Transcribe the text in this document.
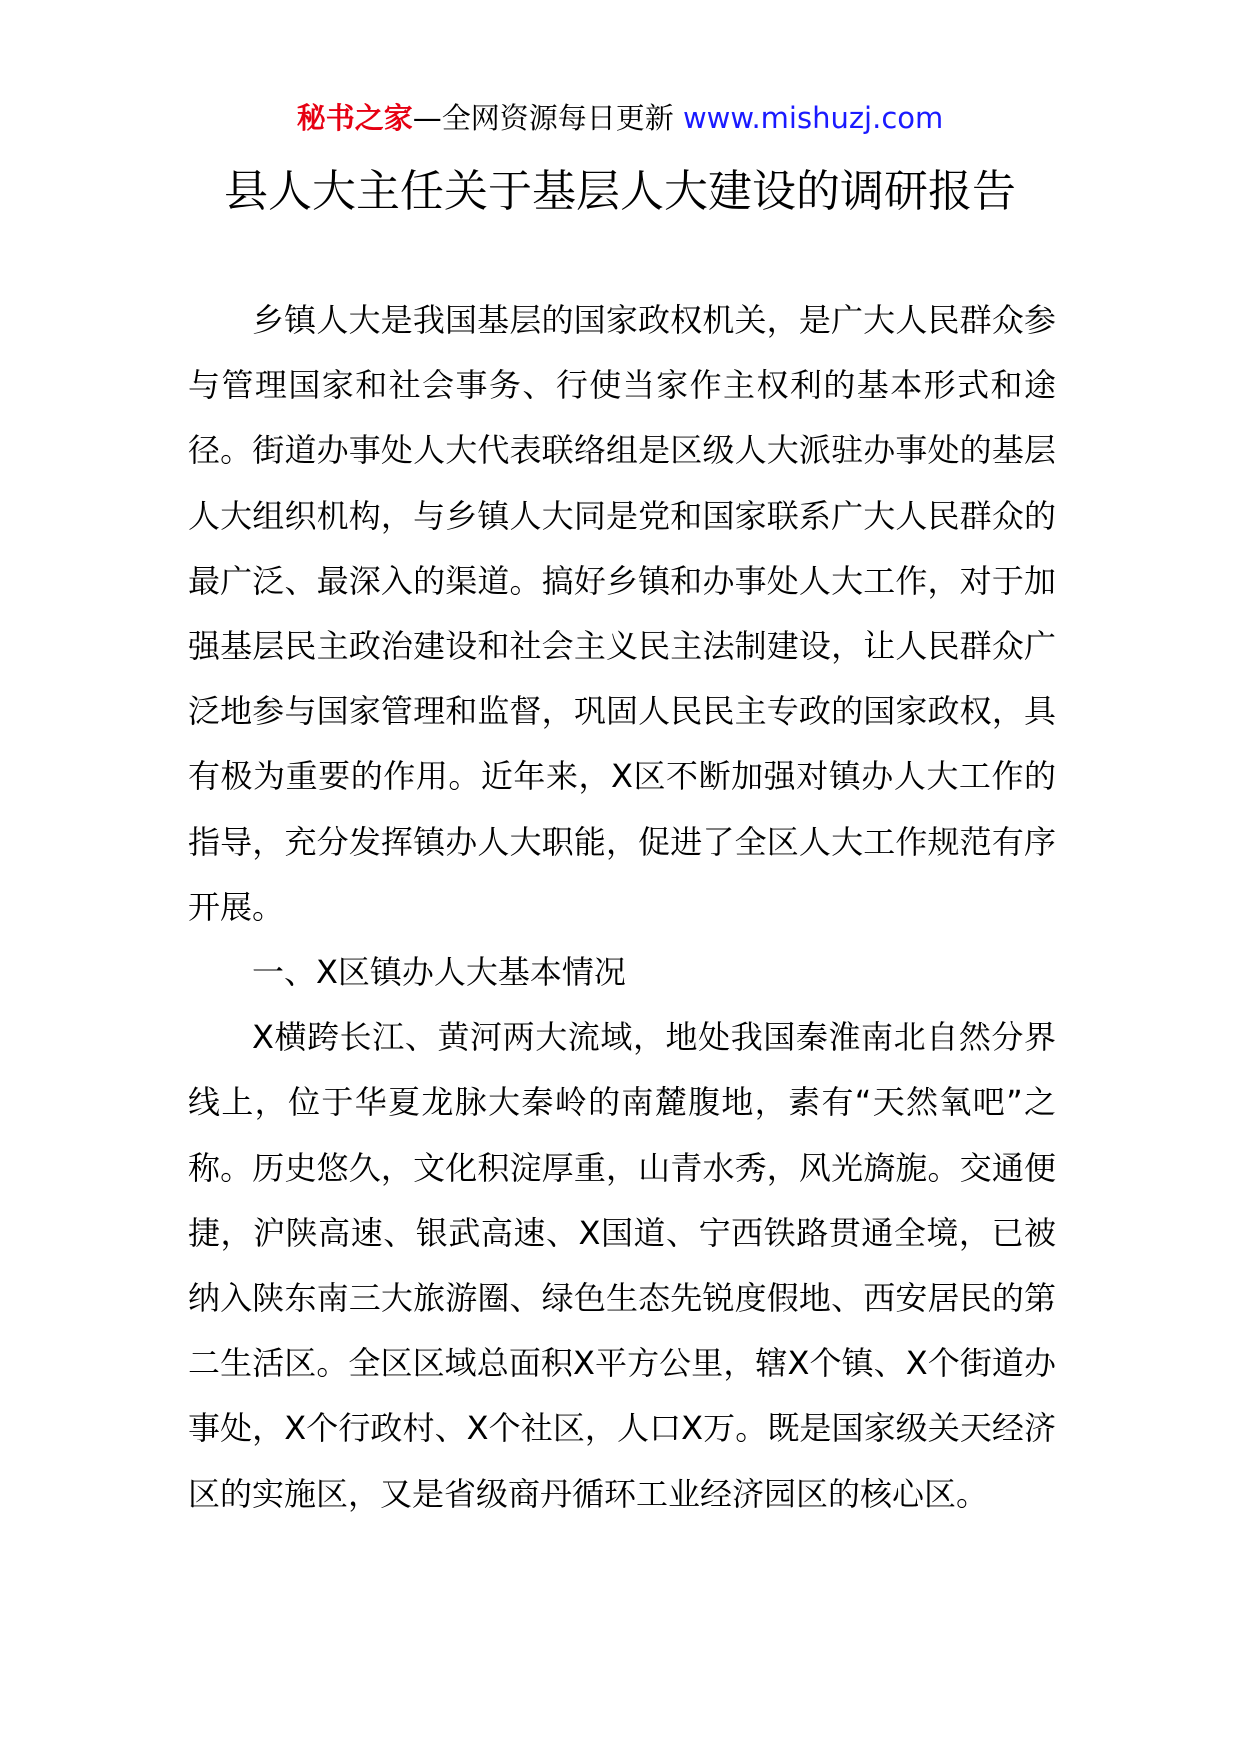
秘书之家—全网资源每日更新 www.mishuzj.com
县人大主任关于基层人大建设的调研报告

乡镇人大是我国基层的国家政权机关，是广大人民群众参与管理国家和社会事务、行使当家作主权利的基本形式和途径。街道办事处人大代表联络组是区级人大派驻办事处的基层人大组织机构，与乡镇人大同是党和国家联系广大人民群众的最广泛、最深入的渠道。搞好乡镇和办事处人大工作，对于加强基层民主政治建设和社会主义民主法制建设，让人民群众广泛地参与国家管理和监督，巩固人民民主专政的国家政权，具有极为重要的作用。近年来，X区不断加强对镇办人大工作的指导，充分发挥镇办人大职能，促进了全区人大工作规范有序开展。

一、X区镇办人大基本情况

X横跨长江、黄河两大流域，地处我国秦淮南北自然分界线上，位于华夏龙脉大秦岭的南麓腹地，素有“天然氧吧”之称。历史悠久，文化积淀厚重，山青水秀，风光旖旎。交通便捷，沪陕高速、银武高速、X国道、宁西铁路贯通全境，已被纳入陕东南三大旅游圈、绿色生态先锐度假地、西安居民的第二生活区。全区区域总面积X平方公里，辖X个镇、X个街道办事处，X个行政村、X个社区，人口X万。既是国家级关天经济区的实施区，又是省级商丹循环工业经济园区的核心区。
